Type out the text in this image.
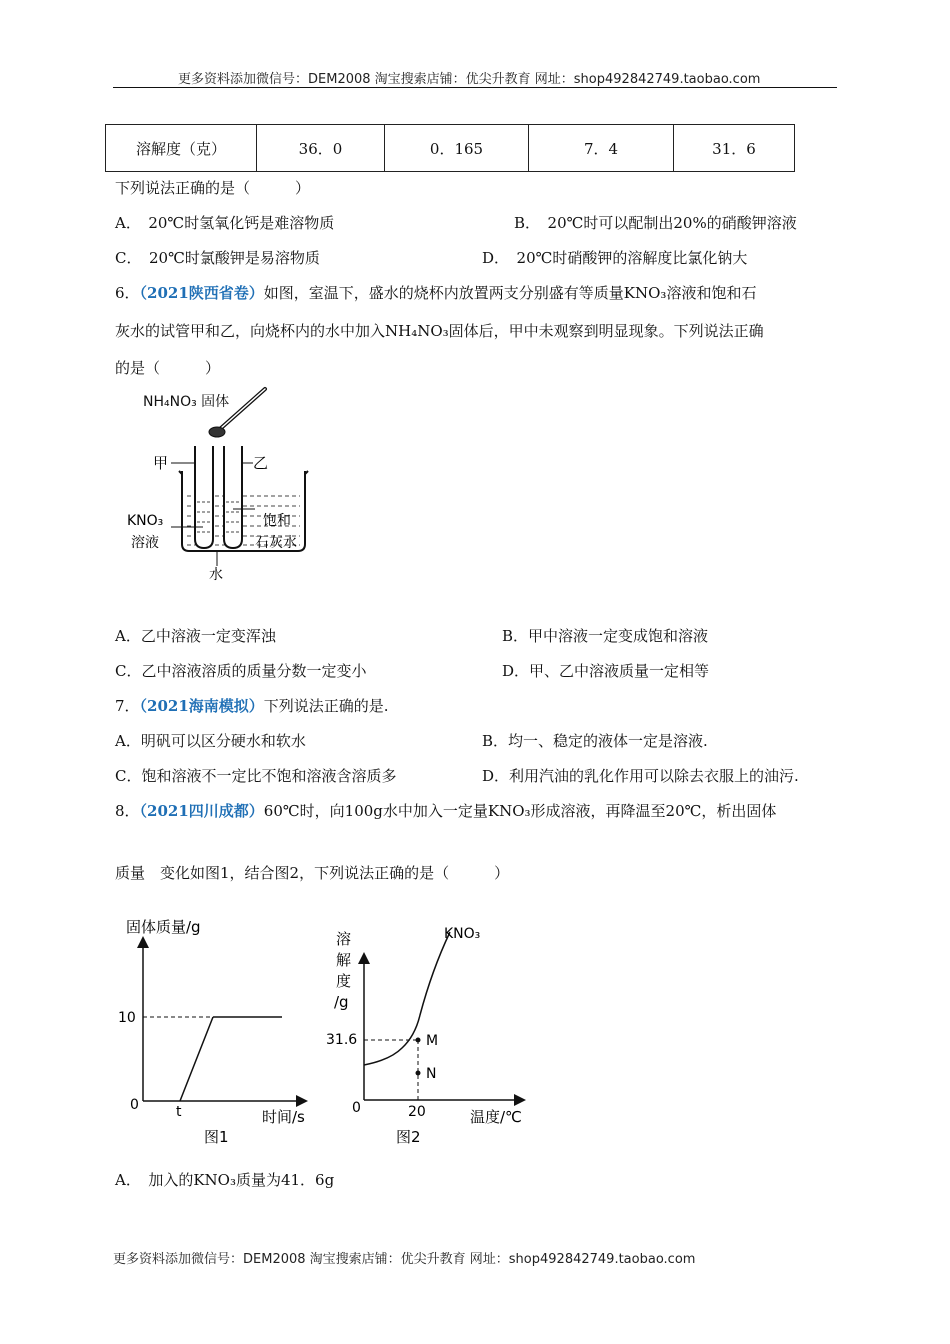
更多资料添加微信号：DEM2008 淘宝搜索店铺：优尖升教育 网址：shop492842749.taobao.com
溶解度（克）	36．0	0．165	7．4	31．6
下列说法正确的是（　　　）
A．　20℃时氢氧化钙是难溶物质	B．　20℃时可以配制出20%的硝酸钾溶液
C．　20℃时氯酸钾是易溶物质	D．　20℃时硝酸钾的溶解度比氯化钠大
6．（2021陕西省卷）如图，室温下，盛水的烧杯内放置两支分别盛有等质量KNO₃溶液和饱和石
灰水的试管甲和乙，向烧杯内的水中加入NH₄NO₃固体后，甲中未观察到明显现象。下列说法正确
的是（　　　）
NH₄NO₃ 固体
甲	乙
KNO₃
溶液
饱和
石灰水
水
A．乙中溶液一定变浑浊	B．甲中溶液一定变成饱和溶液
C．乙中溶液溶质的质量分数一定变小	D．甲、乙中溶液质量一定相等
7．（2021海南模拟）下列说法正确的是.
A．明矾可以区分硬水和软水	B．均一、稳定的液体一定是溶液.
C．饱和溶液不一定比不饱和溶液含溶质多	D．利用汽油的乳化作用可以除去衣服上的油污.
8．（2021四川成都）60℃时，向100g水中加入一定量KNO₃形成溶液，再降温至20℃，析出固体
质量　变化如图1，结合图2，下列说法正确的是（　　　）
固体质量/g
10
0	t	时间/s
图1
溶
解
度
/g
M
N
KNO₃
31.6
0	20	温度/℃
图2
A．　加入的KNO₃质量为41．6g
更多资料添加微信号：DEM2008 淘宝搜索店铺：优尖升教育 网址：shop492842749.taobao.com
